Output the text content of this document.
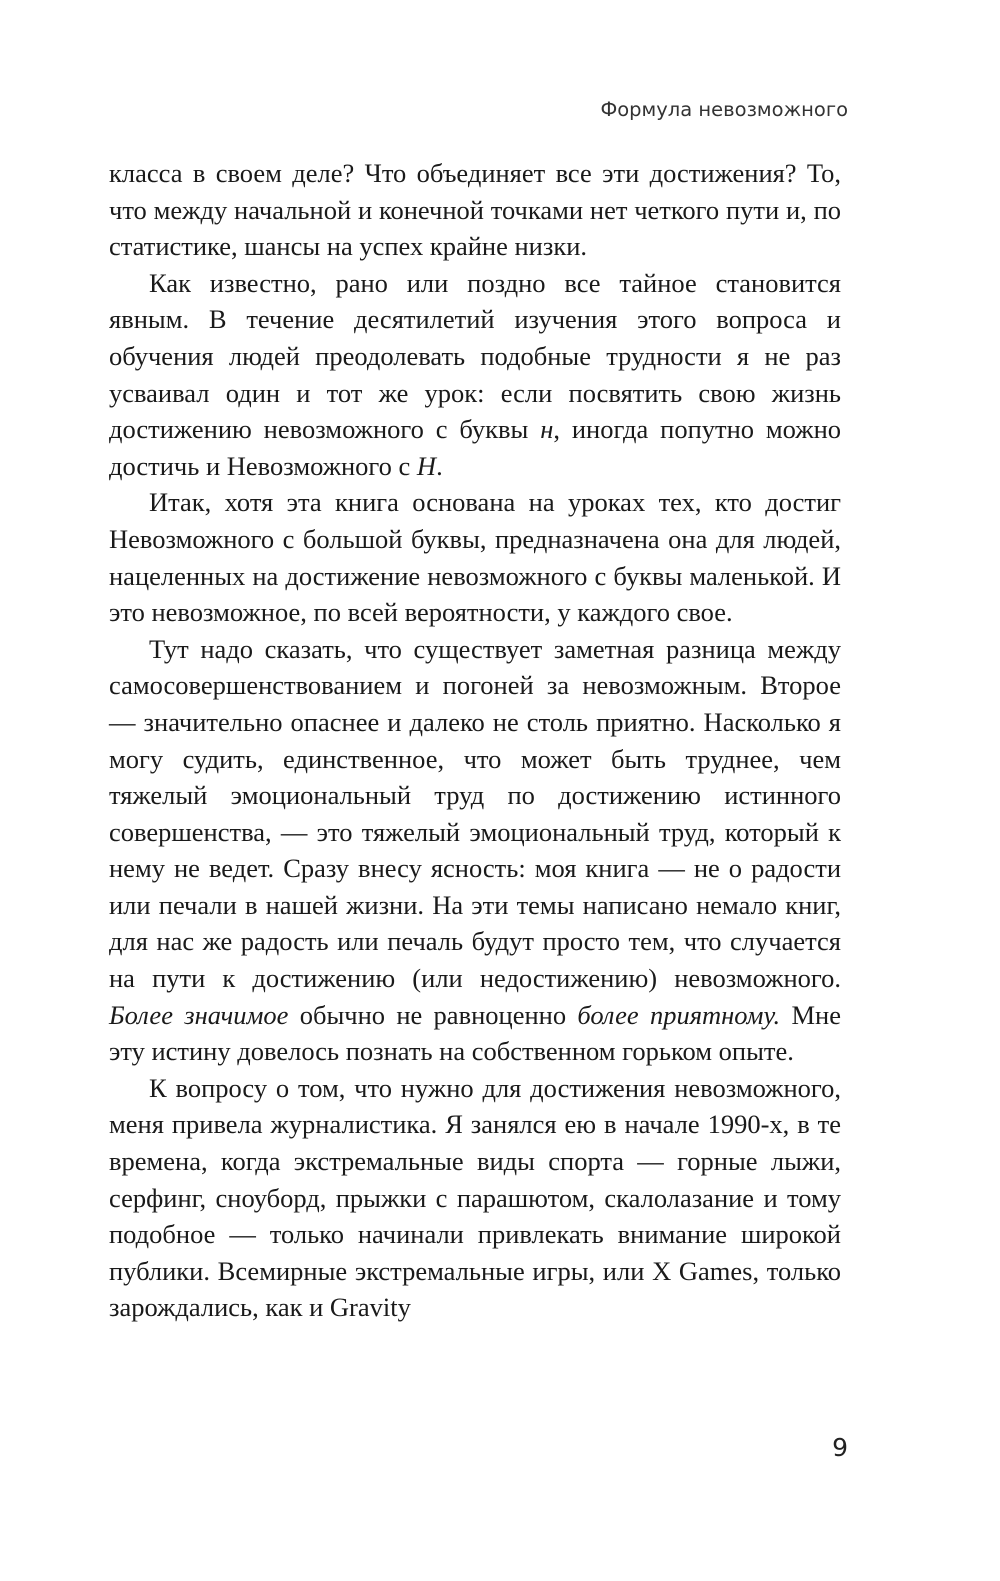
Формула невозможного

класса в своем деле? Что объединяет все эти достижения? То, что между начальной и конечной точками нет четкого пути и, по статистике, шансы на успех крайне низки.

Как известно, рано или поздно все тайное становится явным. В течение десятилетий изучения этого вопроса и обучения людей преодолевать подобные трудности я не раз усваивал один и тот же урок: если посвятить свою жизнь достижению невозможного с буквы н, иногда попутно можно достичь и Невозможного с Н.

Итак, хотя эта книга основана на уроках тех, кто достиг Невозможного с большой буквы, предназначена она для людей, нацеленных на достижение невозможного с буквы маленькой. И это невозможное, по всей вероятности, у каждого свое.

Тут надо сказать, что существует заметная разница между самосовершенствованием и погоней за невозможным. Второе — значительно опаснее и далеко не столь приятно. Насколько я могу судить, единственное, что может быть труднее, чем тяжелый эмоциональный труд по достижению истинного совершенства, — это тяжелый эмоциональный труд, который к нему не ведет. Сразу внесу ясность: моя книга — не о радости или печали в нашей жизни. На эти темы написано немало книг, для нас же радость или печаль будут просто тем, что случается на пути к достижению (или недостижению) невозможного. Более значимое обычно не равноценно более приятному. Мне эту истину довелось познать на собственном горьком опыте.

К вопросу о том, что нужно для достижения невозможного, меня привела журналистика. Я занялся ею в начале 1990-х, в те времена, когда экстремальные виды спорта — горные лыжи, серфинг, сноуборд, прыжки с парашютом, скалолазание и тому подобное — только начинали привлекать внимание широкой публики. Всемирные экстремальные игры, или X Games, только зарождались, как и Gravity

9
